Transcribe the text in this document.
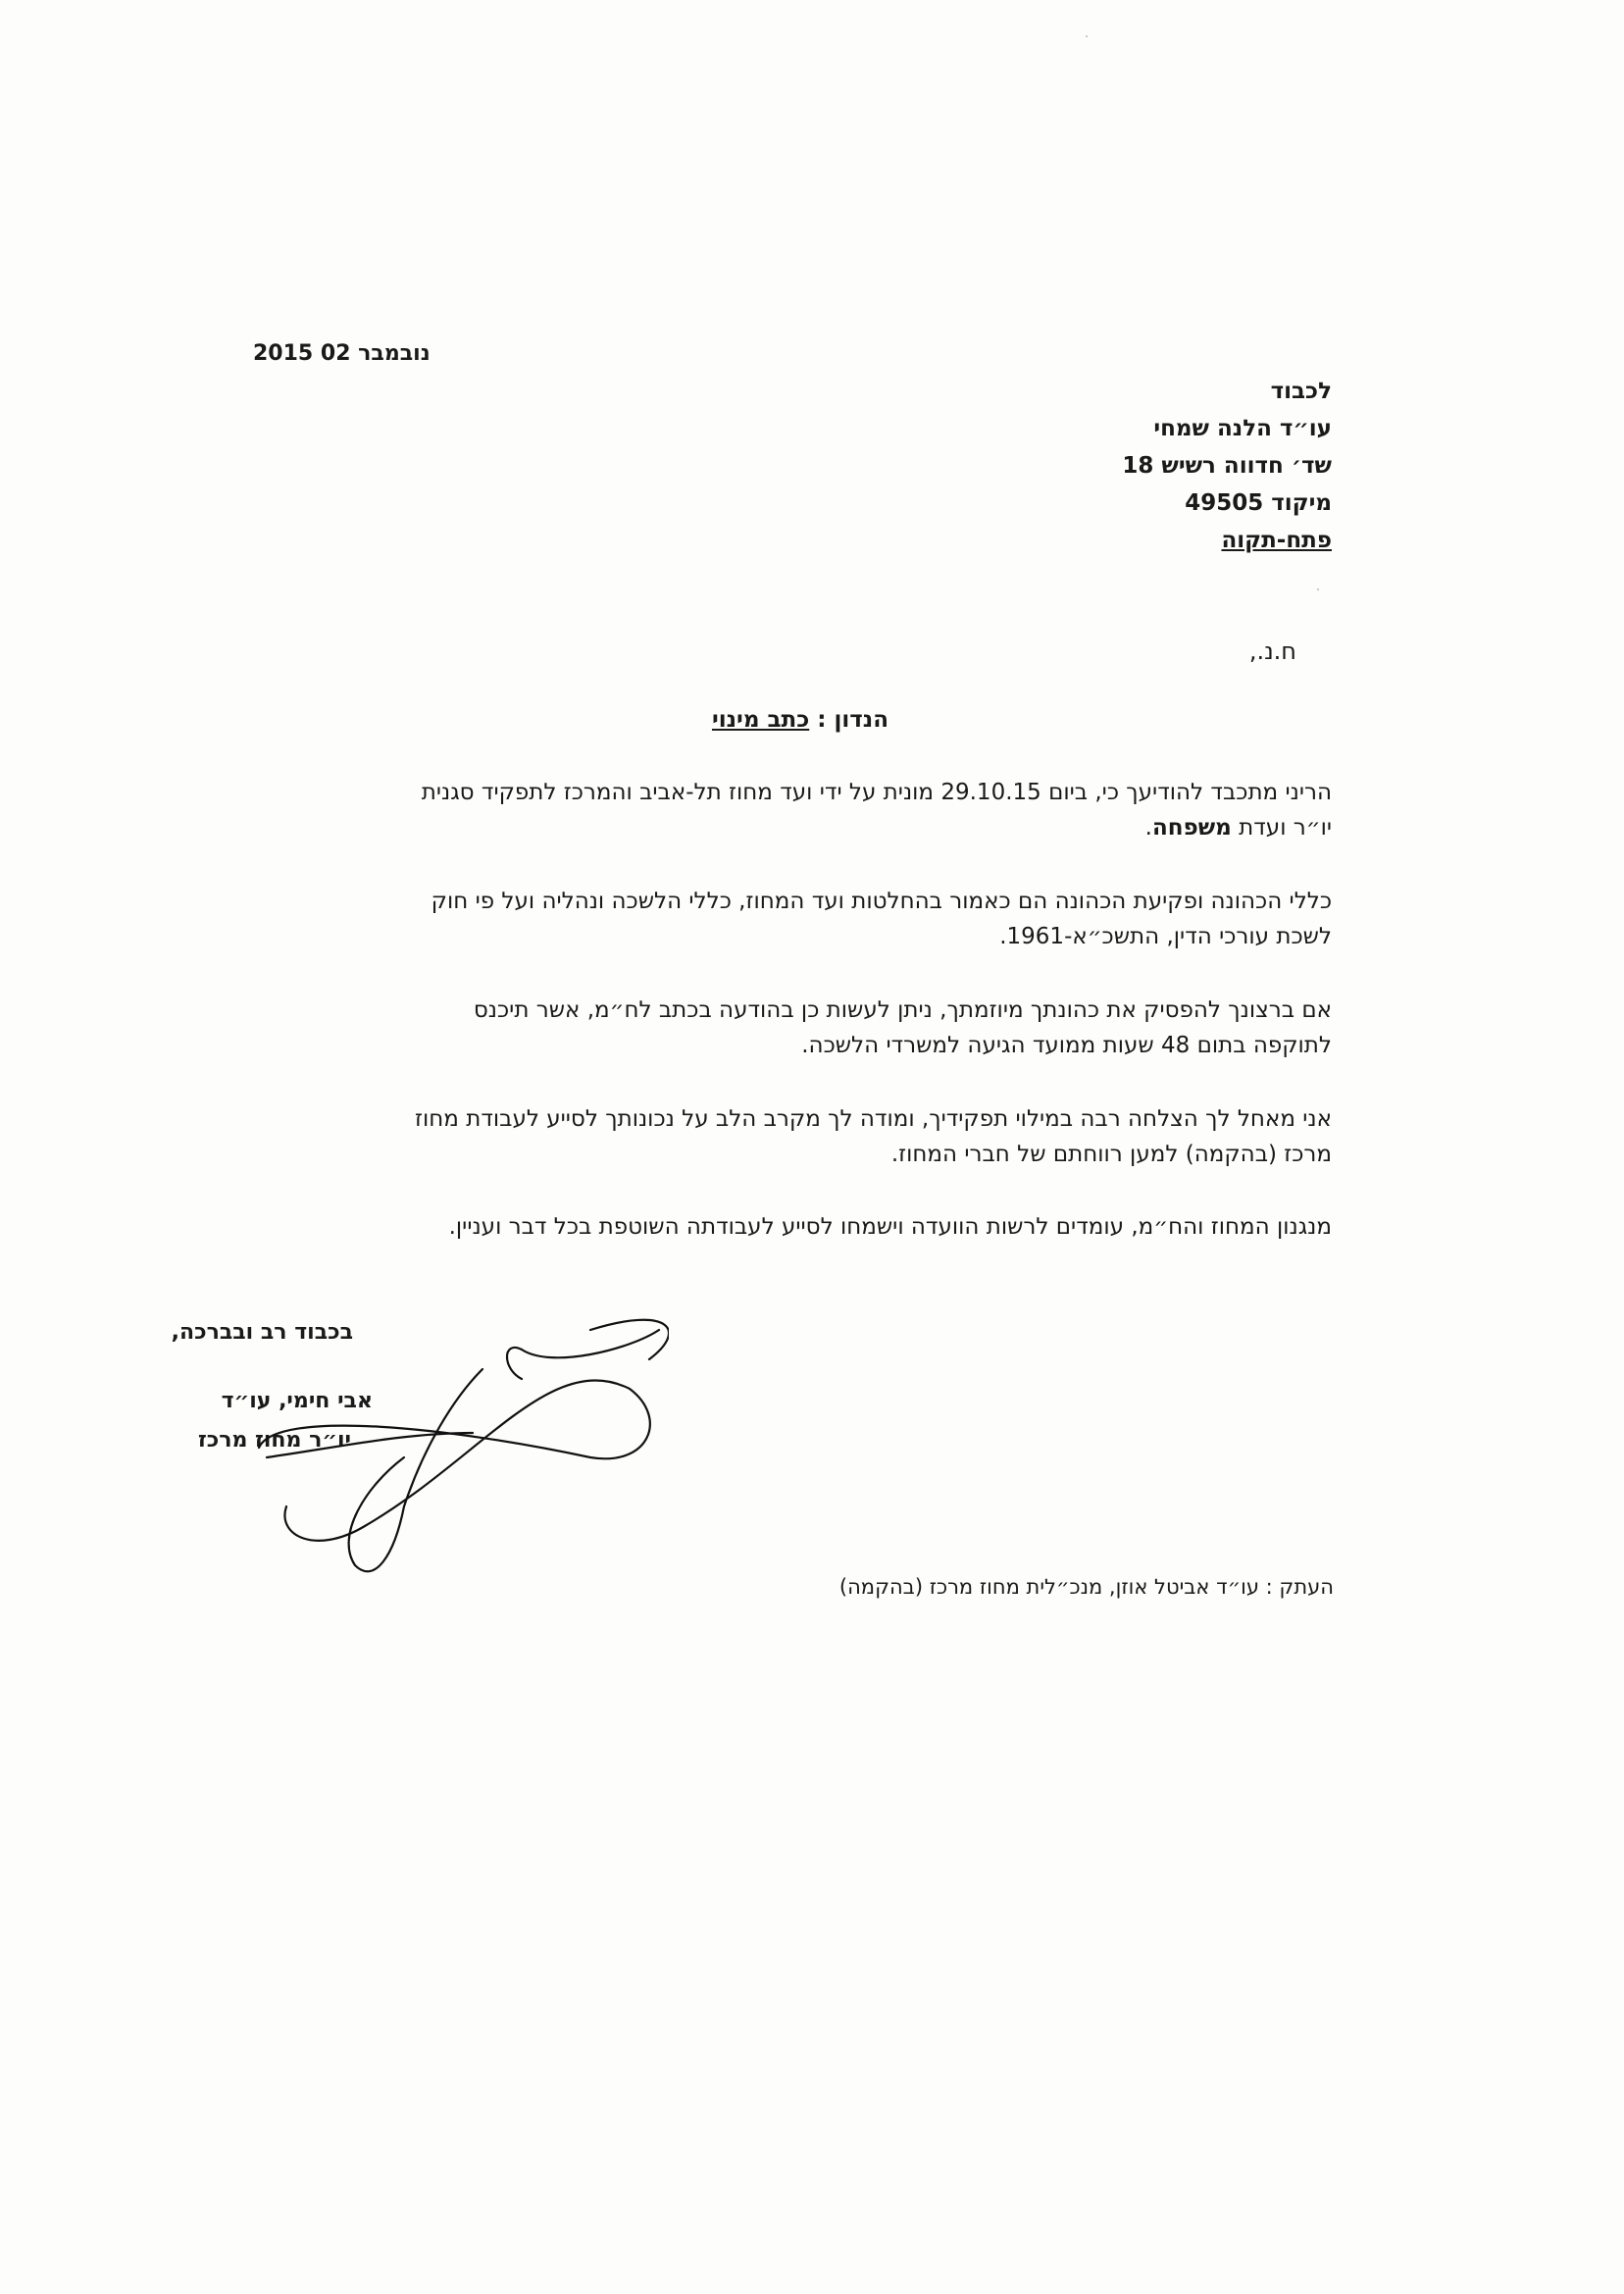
2015 02 נובמבר
לכבוד
עו״ד הלנה שמחי
שד׳ חדווה רשיש 18
מיקוד 49505
פתח-תקוה
ח.נ.,
הנדון : כתב מינוי
הריני מתכבד להודיעך כי, ביום 29.10.15 מונית על ידי ועד מחוז תל-אביב והמרכז לתפקיד סגנית
יו״ר ועדת משפחה.
כללי הכהונה ופקיעת הכהונה הם כאמור בהחלטות ועד המחוז, כללי הלשכה ונהליה ועל פי חוק
לשכת עורכי הדין, התשכ״א-1961.
אם ברצונך להפסיק את כהונתך מיוזמתך, ניתן לעשות כן בהודעה בכתב לח״מ, אשר תיכנס
לתוקפה בתום 48 שעות ממועד הגיעה למשרדי הלשכה.
אני מאחל לך הצלחה רבה במילוי תפקידיך, ומודה לך מקרב הלב על נכונותך לסייע לעבודת מחוז
מרכז (בהקמה) למען רווחתם של חברי המחוז.
מנגנון המחוז והח״מ, עומדים לרשות הוועדה וישמחו לסייע לעבודתה השוטפת בכל דבר ועניין.
בכבוד רב ובברכה,
אבי חימי, עו״ד
יו״ר מחוז מרכז
העתק : עו״ד אביטל אוזן, מנכ״לית מחוז מרכז (בהקמה)
